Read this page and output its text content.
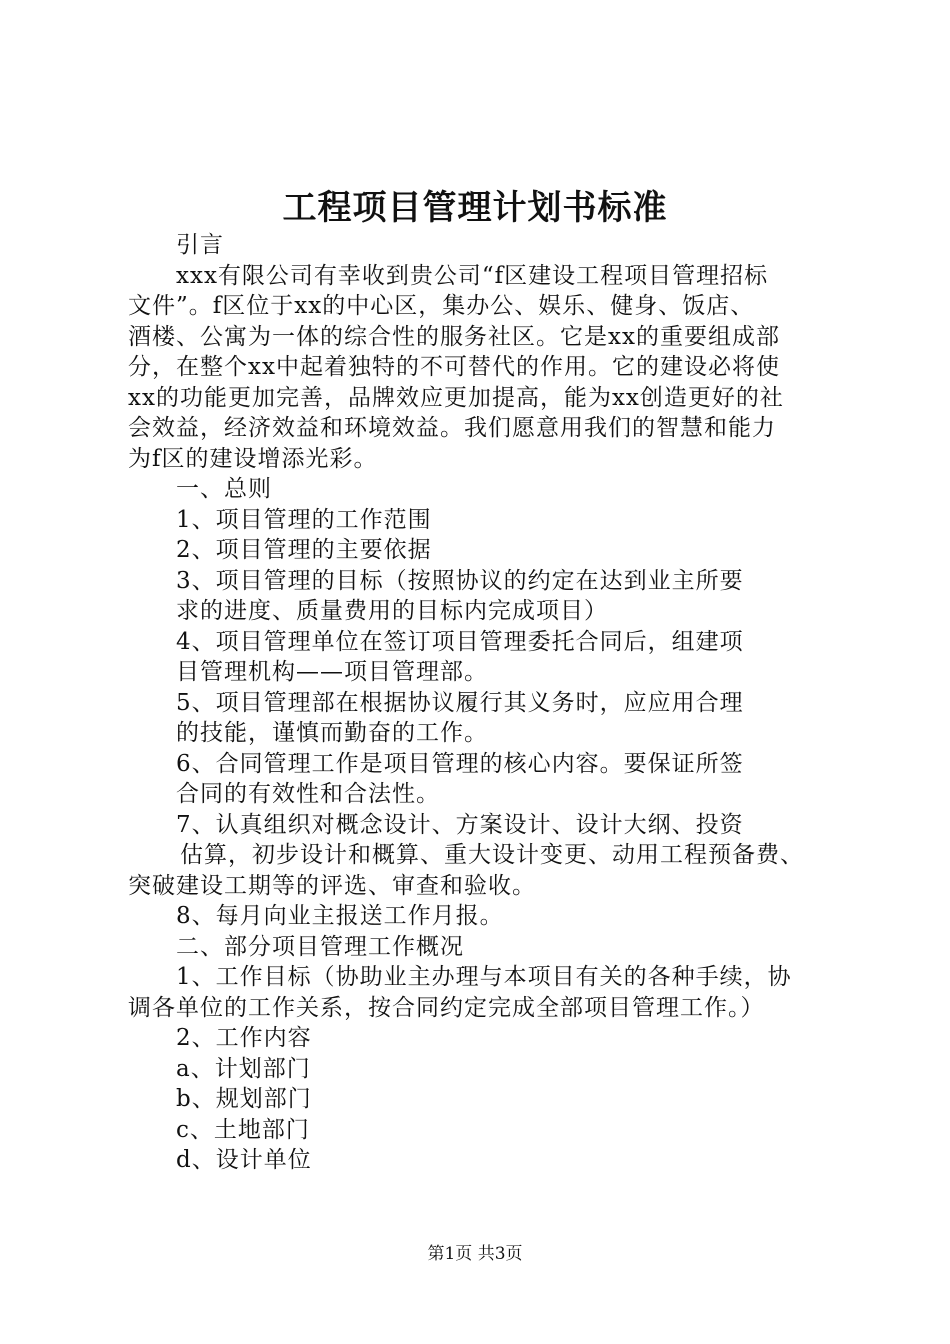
工程项目管理计划书标准
引言
xxx有限公司有幸收到贵公司“f区建设工程项目管理招标
文件”。f区位于xx的中心区，集办公、娱乐、健身、饭店、
酒楼、公寓为一体的综合性的服务社区。它是xx的重要组成部
分，在整个xx中起着独特的不可替代的作用。它的建设必将使
xx的功能更加完善，品牌效应更加提高，能为xx创造更好的社
会效益，经济效益和环境效益。我们愿意用我们的智慧和能力
为f区的建设增添光彩。
一、总则
1、项目管理的工作范围
2、项目管理的主要依据
3、项目管理的目标（按照协议的约定在达到业主所要
求的进度、质量费用的目标内完成项目）
4、项目管理单位在签订项目管理委托合同后，组建项
目管理机构——项目管理部。
5、项目管理部在根据协议履行其义务时，应应用合理
的技能，谨慎而勤奋的工作。
6、合同管理工作是项目管理的核心内容。要保证所签
合同的有效性和合法性。
7、认真组织对概念设计、方案设计、设计大纲、投资
估算，初步设计和概算、重大设计变更、动用工程预备费、
突破建设工期等的评选、审查和验收。
8、每月向业主报送工作月报。
二、部分项目管理工作概况
1、工作目标（协助业主办理与本项目有关的各种手续，协
调各单位的工作关系，按合同约定完成全部项目管理工作。）
2、工作内容
a、计划部门
b、规划部门
c、土地部门
d、设计单位
第1页 共3页
